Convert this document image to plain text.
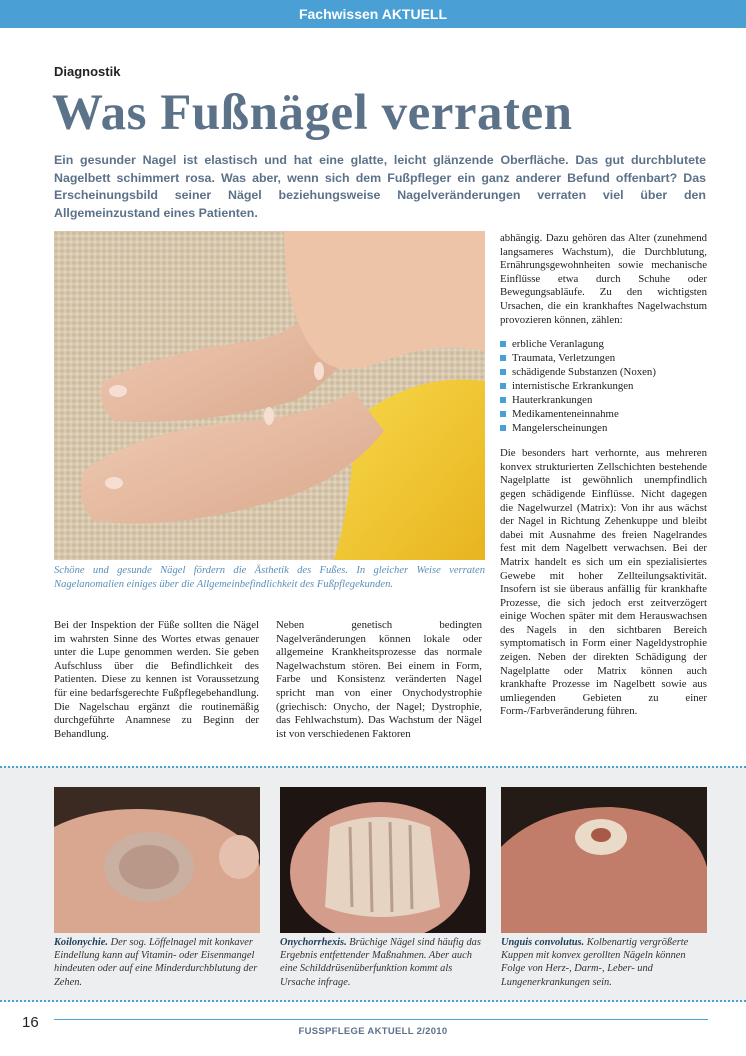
Fachwissen AKTUELL
Diagnostik
Was Fußnägel verraten
Ein gesunder Nagel ist elastisch und hat eine glatte, leicht glänzende Oberfläche. Das gut durchblutete Nagelbett schimmert rosa. Was aber, wenn sich dem Fußpfleger ein ganz anderer Befund offenbart? Das Erscheinungsbild seiner Nägel beziehungsweise Nagelveränderungen verraten viel über den Allgemeinzustand eines Patienten.
Schöne und gesunde Nägel fördern die Ästhetik des Fußes. In gleicher Weise verraten Nagelanomalien einiges über die Allgemeinbefindlichkeit des Fußpflegekunden.

Bei der Inspektion der Füße sollten die Nägel im wahrsten Sinne des Wortes etwas genauer unter die Lupe genommen werden. Sie geben Aufschluss über die Befindlichkeit des Patienten. Diese zu kennen ist Voraussetzung für eine bedarfsgerechte Fußpflegebehandlung. Die Nagelschau ergänzt die routinemäßig durchgeführte Anamnese zu Beginn der Behandlung.

Neben genetisch bedingten Nagelveränderungen können lokale oder allgemeine Krankheitsprozesse das normale Nagelwachstum stören. Bei einem in Form, Farbe und Konsistenz veränderten Nagel spricht man von einer Onychodystrophie (griechisch: Onycho, der Nagel; Dystrophie, das Fehlwachstum). Das Wachstum der Nägel ist von verschiedenen Faktoren

abhängig. Dazu gehören das Alter (zunehmend langsameres Wachstum), die Durchblutung, Ernährungsgewohnheiten sowie mechanische Einflüsse etwa durch Schuhe oder Bewegungsabläufe. Zu den wichtigsten Ursachen, die ein krankhaftes Nagelwachstum provozieren können, zählen:

erbliche Veranlagung
Traumata, Verletzungen
schädigende Substanzen (Noxen)
internistische Erkrankungen
Hauterkrankungen
Medikamenteneinnahme
Mangelerscheinungen

Die besonders hart verhornte, aus mehreren konvex strukturierten Zellschichten bestehende Nagelplatte ist gewöhnlich unempfindlich gegen schädigende Einflüsse. Nicht dagegen die Nagelwurzel (Matrix): Von ihr aus wächst der Nagel in Richtung Zehenkuppe und bleibt dabei mit Ausnahme des freien Nagelrandes fest mit dem Nagelbett verwachsen. Bei der Matrix handelt es sich um ein spezialisiertes Gewebe mit hoher Zellteilungsaktivität. Insofern ist sie überaus anfällig für krankhafte Prozesse, die sich jedoch erst zeitverzögert einige Wochen später mit dem Herauswachsen des Nagels in den sichtbaren Bereich symptomatisch in Form einer Nageldystrophie zeigen. Neben der direkten Schädigung der Nagelplatte oder Matrix können auch krankhafte Prozesse im Nagelbett sowie aus umliegenden Gebieten zu einer Form-/Farbveränderung führen.

Koilonychie. Der sog. Löffelnagel mit konkaver Eindellung kann auf Vitamin- oder Eisenmangel hindeuten oder auf eine Minderdurchblutung der Zehen.
Onychorrhexis. Brüchige Nägel sind häufig das Ergebnis entfettender Maßnahmen. Aber auch eine Schilddrüsenüberfunktion kommt als Ursache infrage.
Unguis convolutus. Kolbenartig vergrößerte Kuppen mit konvex gerollten Nägeln können Folge von Herz-, Darm-, Leber- und Lungenerkrankungen sein.
16
FUSSPFLEGE AKTUELL 2/2010
